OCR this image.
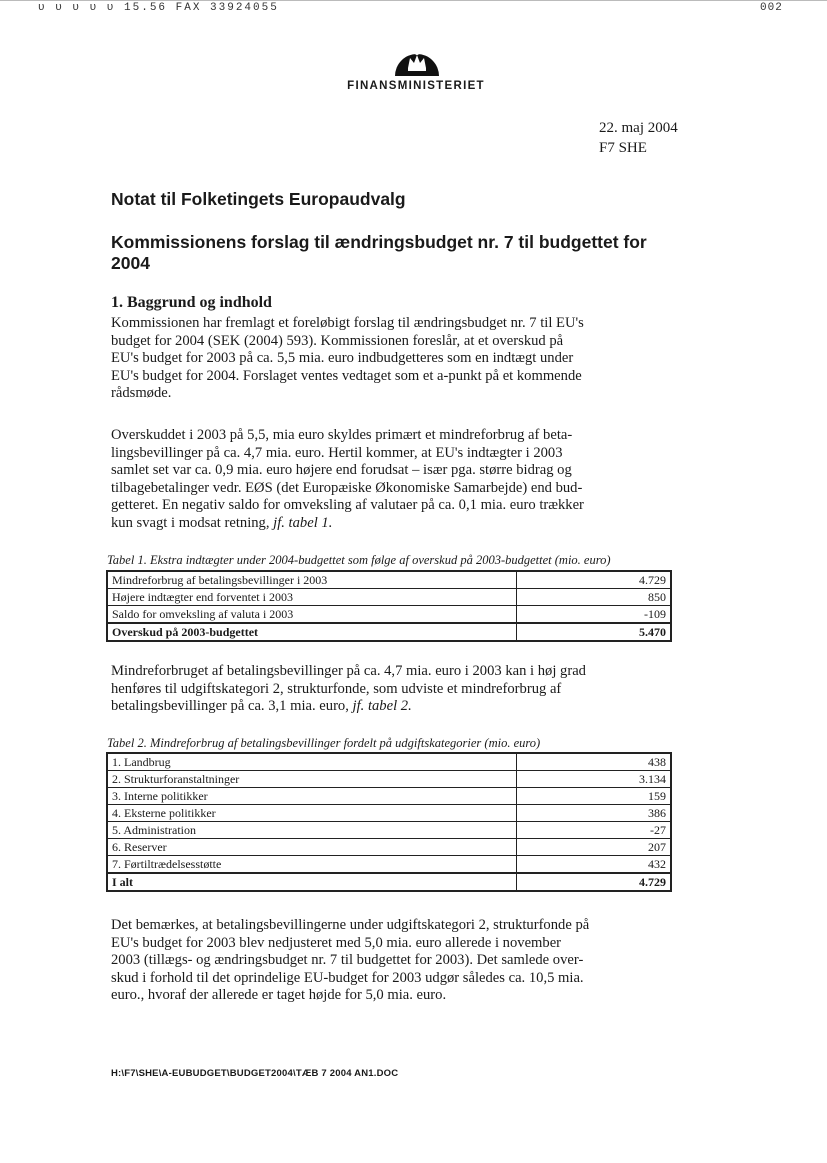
ᴜ ᴜ ᴜ ᴜ ᴜ 15.56 FAX 33924055	002
FINANSMINISTERIET
22. maj 2004
F7 SHE
Notat til Folketingets Europaudvalg
Kommissionens forslag til ændringsbudget nr. 7 til budgettet for 2004
1. Baggrund og indhold

Kommissionen har fremlagt et foreløbigt forslag til ændringsbudget nr. 7 til EU's

budget for 2004 (SEK (2004) 593). Kommissionen foreslår, at et overskud på

EU's budget for 2003 på ca. 5,5 mia. euro indbudgetteres som en indtægt under

EU's budget for 2004. Forslaget ventes vedtaget som et a-punkt på et kommende

rådsmøde.

Overskuddet i 2003 på 5,5, mia euro skyldes primært et mindreforbrug af beta-

lingsbevillinger på ca. 4,7 mia. euro. Hertil kommer, at EU's indtægter i 2003

samlet set var ca. 0,9 mia. euro højere end forudsat – især pga. større bidrag og

tilbagebetalinger vedr. EØS (det Europæiske Økonomiske Samarbejde) end bud-

getteret. En negativ saldo for omveksling af valutaer på ca. 0,1 mia. euro trækker

kun svagt i modsat retning, jf. tabel 1.

Tabel 1. Ekstra indtægter under 2004-budgettet som følge af overskud på 2003-budgettet (mio. euro)
Mindreforbrug af betalingsbevillinger i 2003	4.729
Højere indtægter end forventet i 2003	850
Saldo for omveksling af valuta i 2003	-109
Overskud på 2003-budgettet	5.470

Mindreforbruget af betalingsbevillinger på ca. 4,7 mia. euro i 2003 kan i høj grad

henføres til udgiftskategori 2, strukturfonde, som udviste et mindreforbrug af

betalingsbevillinger på ca. 3,1 mia. euro, jf. tabel 2.

Tabel 2. Mindreforbrug af betalingsbevillinger fordelt på udgiftskategorier (mio. euro)
1. Landbrug	438
2. Strukturforanstaltninger	3.134
3. Interne politikker	159
4. Eksterne politikker	386
5. Administration	-27
6. Reserver	207
7. Førtiltrædelsesstøtte	432
I alt	4.729

Det bemærkes, at betalingsbevillingerne under udgiftskategori 2, strukturfonde på

EU's budget for 2003 blev nedjusteret med 5,0 mia. euro allerede i november

2003 (tillægs- og ændringsbudget nr. 7 til budgettet for 2003). Det samlede over-

skud i forhold til det oprindelige EU-budget for 2003 udgør således ca. 10,5 mia.

euro., hvoraf der allerede er taget højde for 5,0 mia. euro.

H:\F7\SHE\A-EUBUDGET\BUDGET2004\TÆB 7 2004 AN1.DOC
